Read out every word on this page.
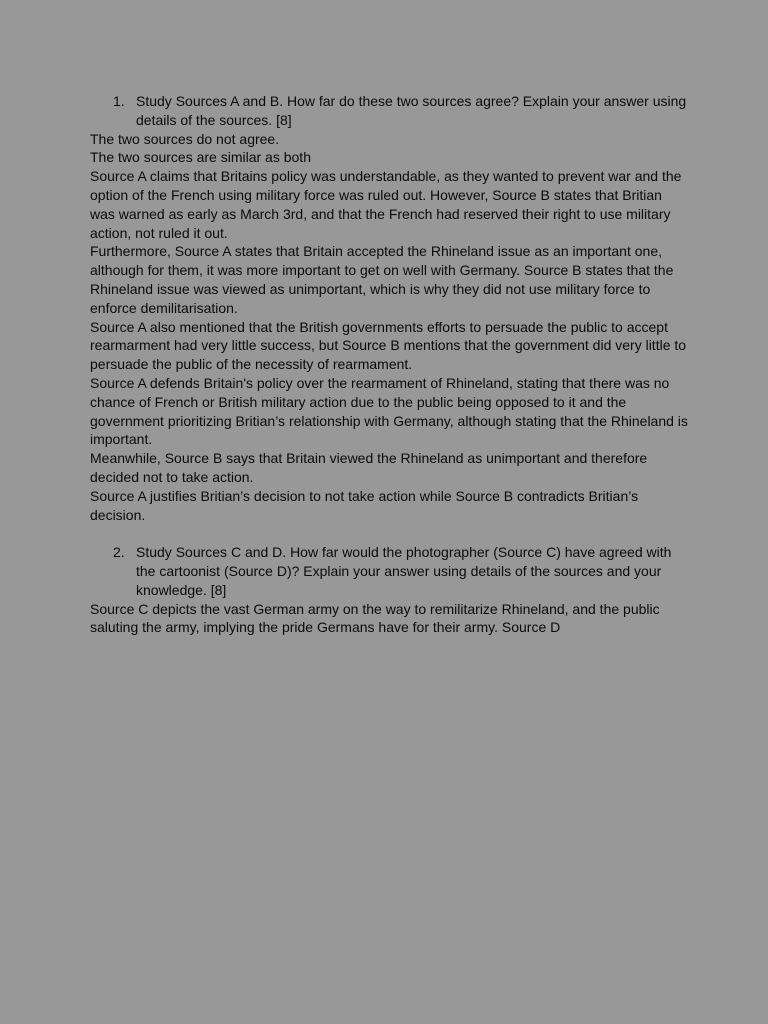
1. Study Sources A and B. How far do these two sources agree? Explain your answer using details of the sources. [8]

The two sources do not agree.

The two sources are similar as both

Source A claims that Britains policy was understandable, as they wanted to prevent war and the option of the French using military force was ruled out. However, Source B states that Britian was warned as early as March 3rd, and that the French had reserved their right to use military action, not ruled it out.

Furthermore, Source A states that Britain accepted the Rhineland issue as an important one, although for them, it was more important to get on well with Germany. Source B states that the Rhineland issue was viewed as unimportant, which is why they did not use military force to enforce demilitarisation.

Source A also mentioned that the British governments efforts to persuade the public to accept rearmarment had very little success, but Source B mentions that the government did very little to persuade the public of the necessity of rearmament.

Source A defends Britain's policy over the rearmament of Rhineland, stating that there was no chance of French or British military action due to the public being opposed to it and the government prioritizing Britian’s relationship with Germany, although stating that the Rhineland is important.

Meanwhile, Source B says that Britain viewed the Rhineland as unimportant and therefore decided not to take action.

Source A justifies Britian’s decision to not take action while Source B contradicts Britian’s decision.

2. Study Sources C and D. How far would the photographer (Source C) have agreed with the cartoonist (Source D)? Explain your answer using details of the sources and your knowledge. [8]

Source C depicts the vast German army on the way to remilitarize Rhineland, and the public saluting the army, implying the pride Germans have for their army. Source D
